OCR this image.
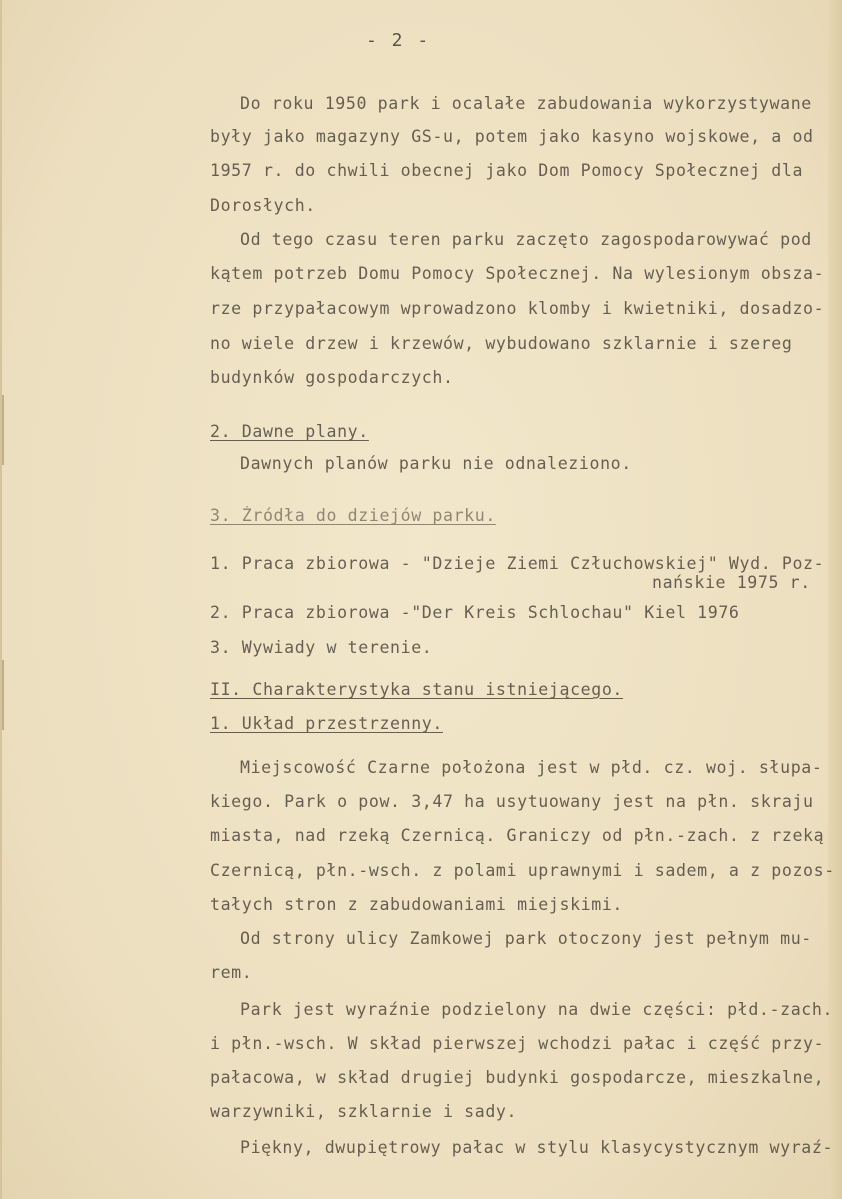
- 2 -
Do roku 1950 park i ocalałe zabudowania wykorzystywane
były jako magazyny GS-u, potem jako kasyno wojskowe, a od
1957 r. do chwili obecnej jako Dom Pomocy Społecznej dla
Dorosłych.
Od tego czasu teren parku zaczęto zagospodarowywać pod
kątem potrzeb Domu Pomocy Społecznej. Na wylesionym obsza-
rze przypałacowym wprowadzono klomby i kwietniki, dosadzo-
no wiele drzew i krzewów, wybudowano szklarnie i szereg
budynków gospodarczych.
2. Dawne plany.
Dawnych planów parku nie odnaleziono.
3. Źródła do dziejów parku.
1. Praca zbiorowa - "Dzieje Ziemi Człuchowskiej" Wyd. Poz-
nańskie 1975 r.
2. Praca zbiorowa -"Der Kreis Schlochau" Kiel 1976
3. Wywiady w terenie.
II. Charakterystyka stanu istniejącego.
1. Układ przestrzenny.
Miejscowość Czarne położona jest w płd. cz. woj. słupa-
kiego. Park o pow. 3,47 ha usytuowany jest na płn. skraju
miasta, nad rzeką Czernicą. Graniczy od płn.-zach. z rzeką
Czernicą, płn.-wsch. z polami uprawnymi i sadem, a z pozos-
tałych stron z zabudowaniami miejskimi.
Od strony ulicy Zamkowej park otoczony jest pełnym mu-
rem.
Park jest wyraźnie podzielony na dwie części: płd.-zach.
i płn.-wsch. W skład pierwszej wchodzi pałac i część przy-
pałacowa, w skład drugiej budynki gospodarcze, mieszkalne,
warzywniki, szklarnie i sady.
Piękny, dwupiętrowy pałac w stylu klasycystycznym wyraź-
